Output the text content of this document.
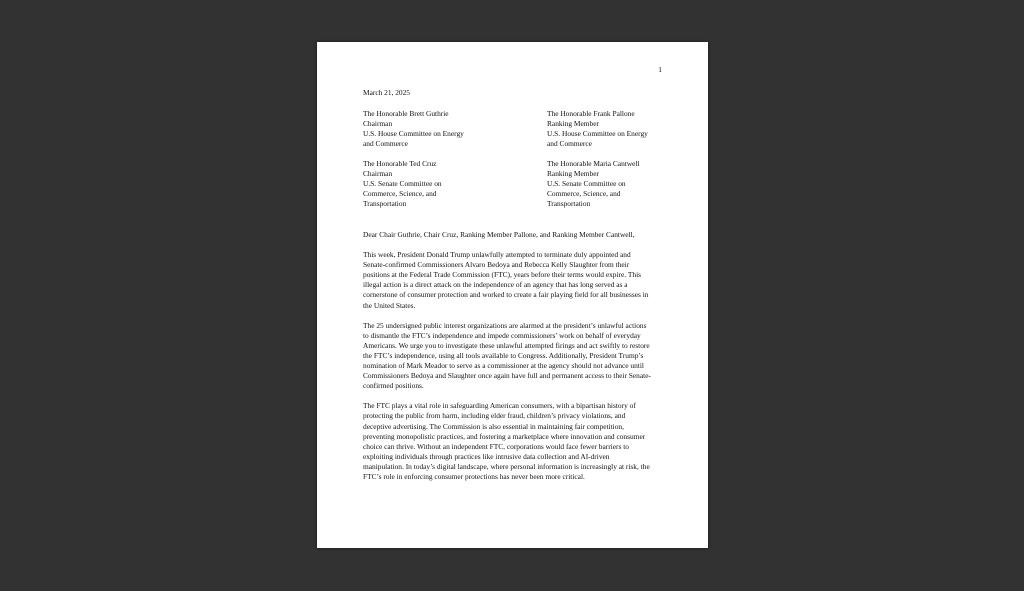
1
March 21, 2025
The Honorable Brett Guthrie
Chairman
U.S. House Committee on Energy
and Commerce
The Honorable Frank Pallone
Ranking Member
U.S. House Committee on Energy
and Commerce
The Honorable Ted Cruz
Chairman
U.S. Senate Committee on
Commerce, Science, and
Transportation
The Honorable Maria Cantwell
Ranking Member
U.S. Senate Committee on
Commerce, Science, and
Transportation
Dear Chair Guthrie, Chair Cruz, Ranking Member Pallone, and Ranking Member Cantwell,
This week, President Donald Trump unlawfully attempted to terminate duly appointed and
Senate-confirmed Commissioners Alvaro Bedoya and Rebecca Kelly Slaughter from their
positions at the Federal Trade Commission (FTC), years before their terms would expire. This
illegal action is a direct attack on the independence of an agency that has long served as a
cornerstone of consumer protection and worked to create a fair playing field for all businesses in
the United States.
The 25 undersigned public interest organizations are alarmed at the president’s unlawful actions
to dismantle the FTC’s independence and impede commissioners’ work on behalf of everyday
Americans. We urge you to investigate these unlawful attempted firings and act swiftly to restore
the FTC’s independence, using all tools available to Congress. Additionally, President Trump’s
nomination of Mark Meador to serve as a commissioner at the agency should not advance until
Commissioners Bedoya and Slaughter once again have full and permanent access to their Senate-
confirmed positions.
The FTC plays a vital role in safeguarding American consumers, with a bipartisan history of
protecting the public from harm, including elder fraud, children’s privacy violations, and
deceptive advertising. The Commission is also essential in maintaining fair competition,
preventing monopolistic practices, and fostering a marketplace where innovation and consumer
choice can thrive. Without an independent FTC, corporations would face fewer barriers to
exploiting individuals through practices like intrusive data collection and AI-driven
manipulation. In today’s digital landscape, where personal information is increasingly at risk, the
FTC’s role in enforcing consumer protections has never been more critical.
